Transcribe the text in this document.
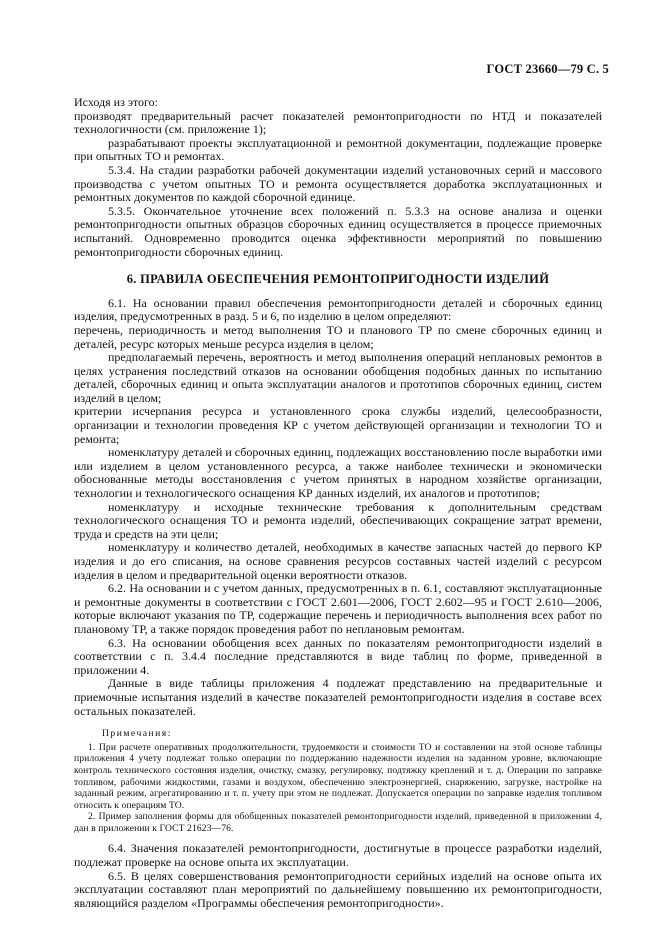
ГОСТ 23660—79 С. 5

Исходя из этого:

производят предварительный расчет показателей ремонтопригодности по НТД и показателей технологичности (см. приложение 1);

разрабатывают проекты эксплуатационной и ремонтной документации, подлежащие проверке при опытных ТО и ремонтах.

5.3.4. На стадии разработки рабочей документации изделий установочных серий и массового производства с учетом опытных ТО и ремонта осуществляется доработка эксплуатационных и ремонтных документов по каждой сборочной единице.

5.3.5. Окончательное уточнение всех положений п. 5.3.3 на основе анализа и оценки ремонтопригодности опытных образцов сборочных единиц осуществляется в процессе приемочных испытаний. Одновременно проводится оценка эффективности мероприятий по повышению ремонтопригодности сборочных единиц.

6. ПРАВИЛА ОБЕСПЕЧЕНИЯ РЕМОНТОПРИГОДНОСТИ ИЗДЕЛИЙ

6.1. На основании правил обеспечения ремонтопригодности деталей и сборочных единиц изделия, предусмотренных в разд. 5 и 6, по изделию в целом определяют:

перечень, периодичность и метод выполнения ТО и планового ТР по смене сборочных единиц и деталей, ресурс которых меньше ресурса изделия в целом;

предполагаемый перечень, вероятность и метод выполнения операций неплановых ремонтов в целях устранения последствий отказов на основании обобщения подобных данных по испытанию деталей, сборочных единиц и опыта эксплуатации аналогов и прототипов сборочных единиц, систем изделий в целом;

критерии исчерпания ресурса и установленного срока службы изделий, целесообразности, организации и технологии проведения КР с учетом действующей организации и технологии ТО и ремонта;

номенклатуру деталей и сборочных единиц, подлежащих восстановлению после выработки ими или изделием в целом установленного ресурса, а также наиболее технически и экономически обоснованные методы восстановления с учетом принятых в народном хозяйстве организации, технологии и технологического оснащения КР данных изделий, их аналогов и прототипов;

номенклатуру и исходные технические требования к дополнительным средствам технологического оснащения ТО и ремонта изделий, обеспечивающих сокращение затрат времени, труда и средств на эти цели;

номенклатуру и количество деталей, необходимых в качестве запасных частей до первого КР изделия и до его списания, на основе сравнения ресурсов составных частей изделий с ресурсом изделия в целом и предварительной оценки вероятности отказов.

6.2. На основании и с учетом данных, предусмотренных в п. 6.1, составляют эксплуатационные и ремонтные документы в соответствии с ГОСТ 2.601—2006, ГОСТ 2.602—95 и ГОСТ 2.610—2006, которые включают указания по ТР, содержащие перечень и периодичность выполнения всех работ по плановому ТР, а также порядок проведения работ по неплановым ремонтам.

6.3. На основании обобщения всех данных по показателям ремонтопригодности изделий в соответствии с п. 3.4.4 последние представляются в виде таблиц по форме, приведенной в приложении 4.

Данные в виде таблицы приложения 4 подлежат представлению на предварительные и приемочные испытания изделий в качестве показателей ремонтопригодности изделия в составе всех остальных показателей.

Примечания:

1. При расчете оперативных продолжительности, трудоемкости и стоимости ТО и составлении на этой основе таблицы приложения 4 учету подлежат только операции по поддержанию надежности изделия на заданном уровне, включающие контроль технического состояния изделия, очистку, смазку, регулировку, подтяжку креплений и т. д. Операции по заправке топливом, рабочими жидкостями, газами и воздухом, обеспечению электроэнергией, снаряжению, загрузке, настройке на заданный режим, агрегатированию и т. п. учету при этом не подлежат. Допускается операции по заправке изделия топливом относить к операциям ТО.

2. Пример заполнения формы для обобщенных показателей ремонтопригодности изделий, приведенной в приложении 4, дан в приложении к ГОСТ 21623—76.

6.4. Значения показателей ремонтопригодности, достигнутые в процессе разработки изделий, подлежат проверке на основе опыта их эксплуатации.

6.5. В целях совершенствования ремонтопригодности серийных изделий на основе опыта их эксплуатации составляют план мероприятий по дальнейшему повышению их ремонтопригодности, являющийся разделом «Программы обеспечения ремонтопригодности».
